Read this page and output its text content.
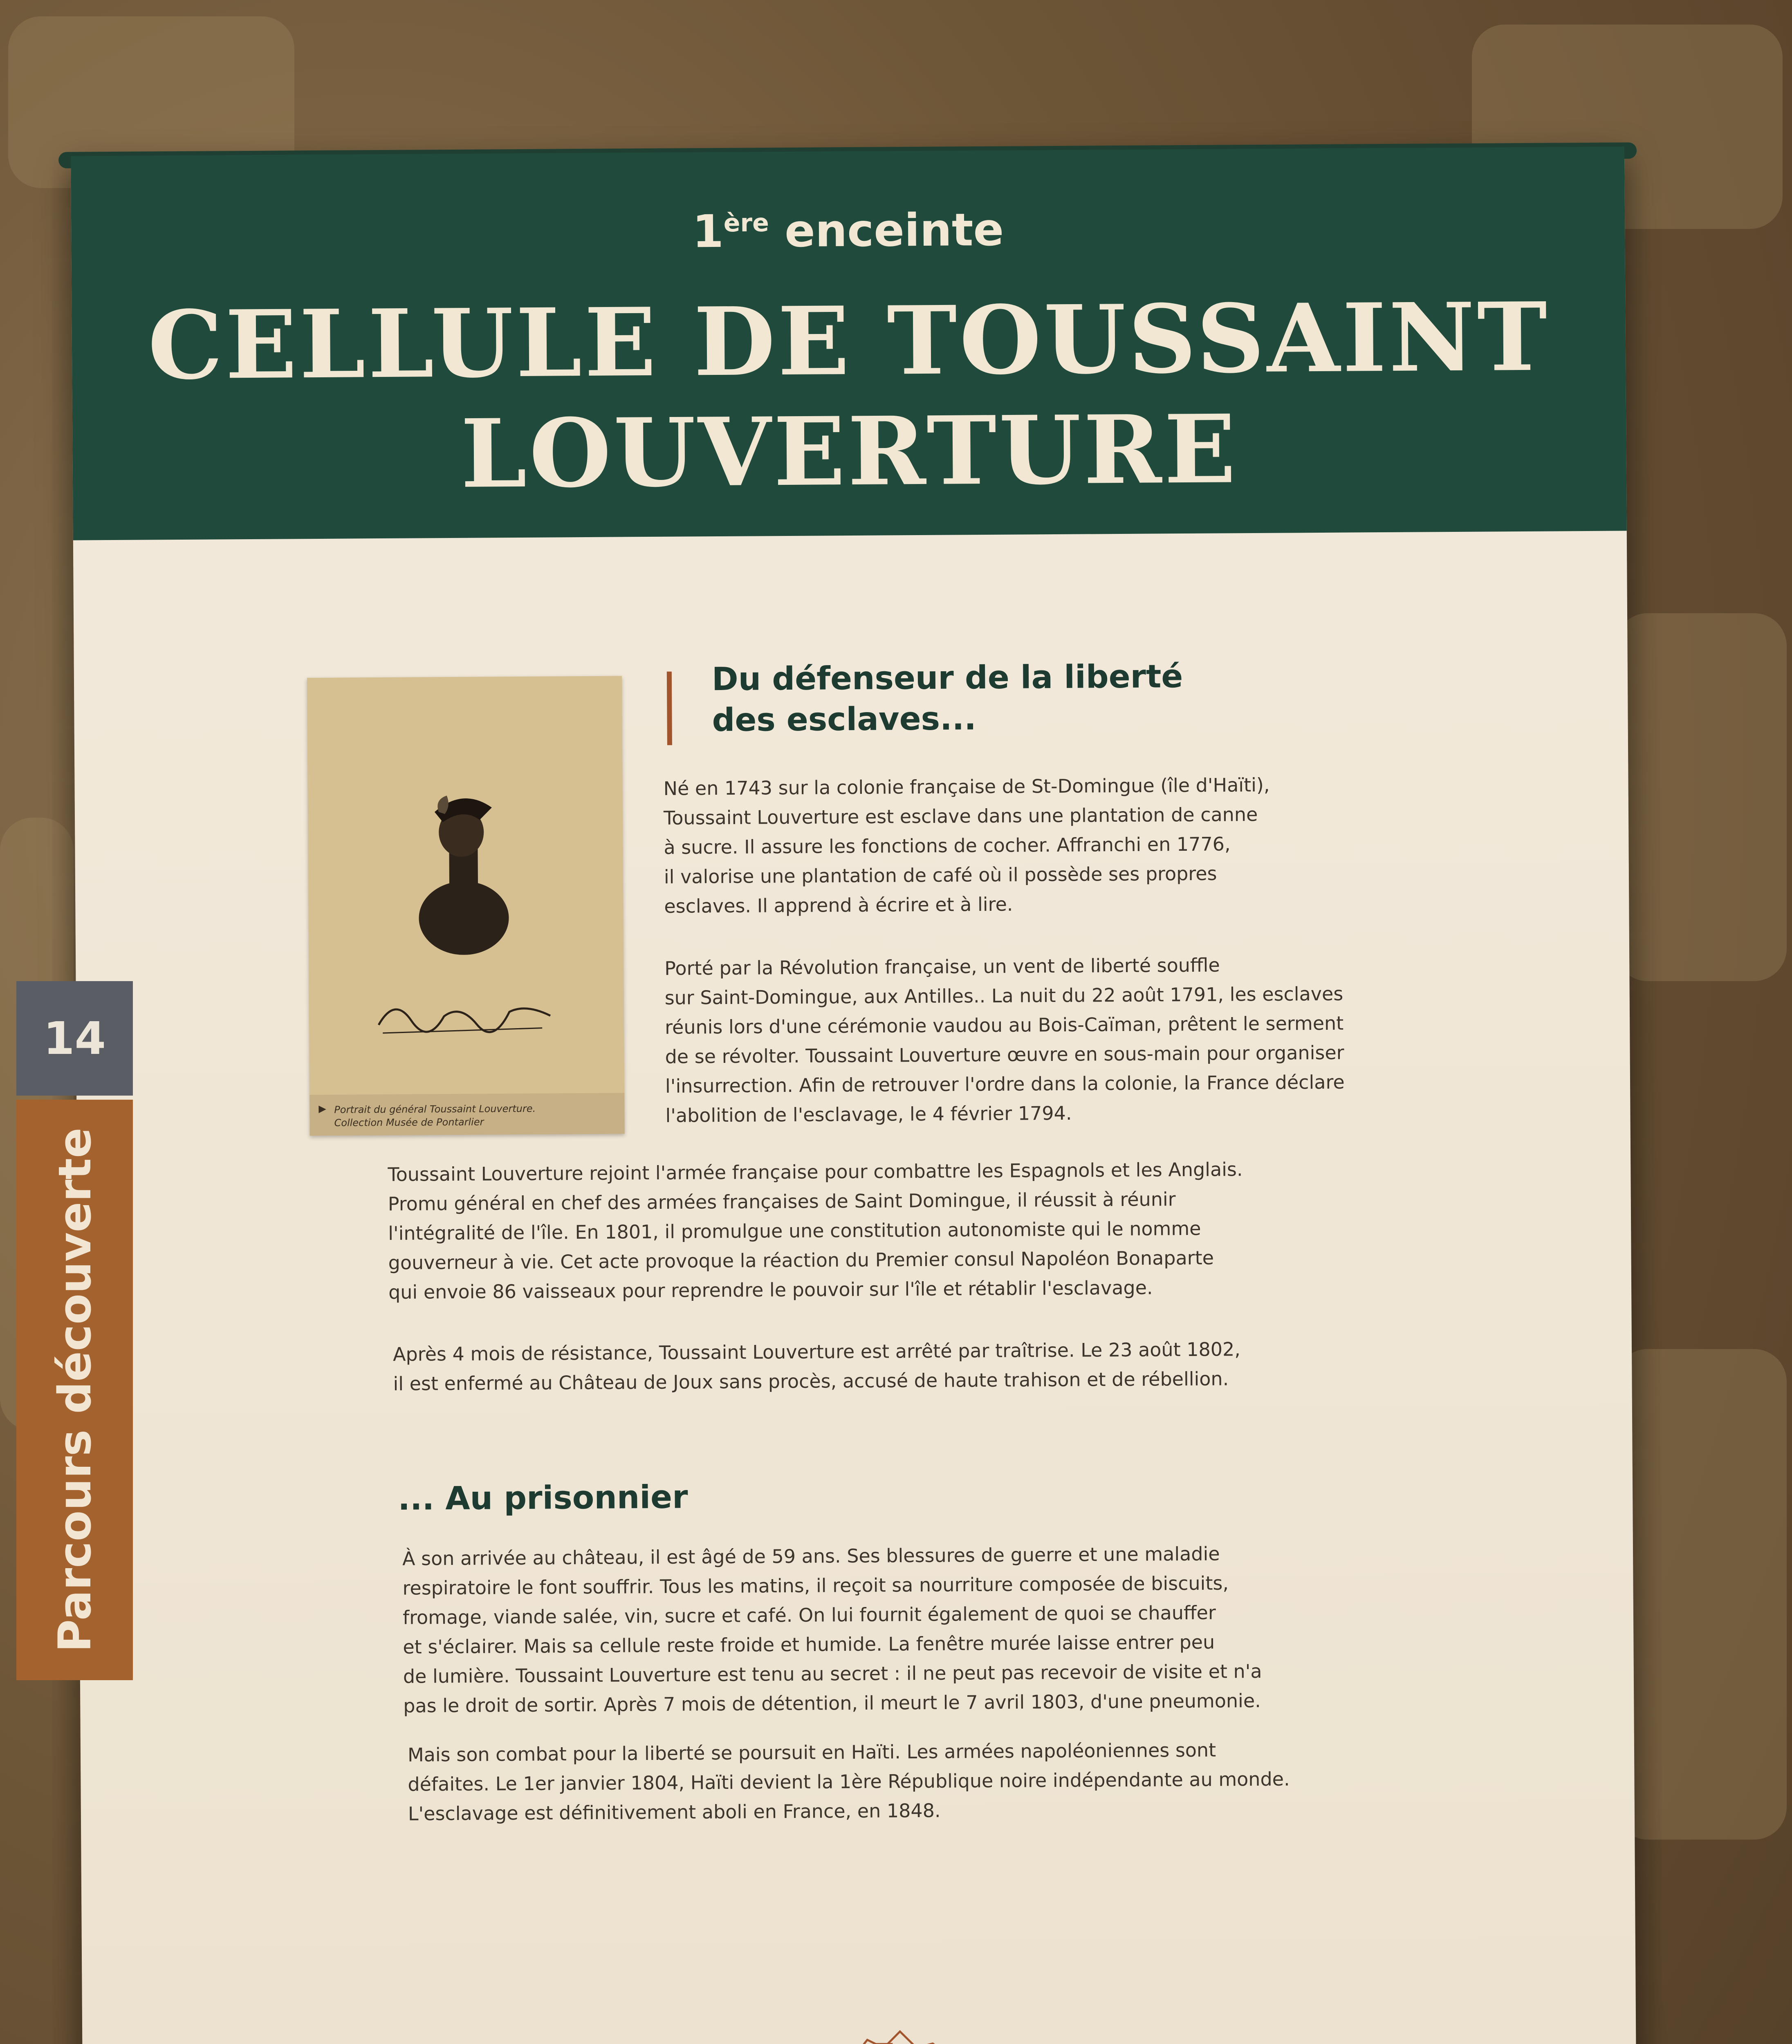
1ère enceinte
CELLULE DE TOUSSAINT
LOUVERTURE
▶ Portrait du général Toussaint Louverture.
Collection Musée de Pontarlier
Du défenseur de la liberté
des esclaves...
Né en 1743 sur la colonie française de St-Domingue (île d'Haïti),
Toussaint Louverture est esclave dans une plantation de canne
à sucre. Il assure les fonctions de cocher. Affranchi en 1776,
il valorise une plantation de café où il possède ses propres
esclaves. Il apprend à écrire et à lire.
Porté par la Révolution française, un vent de liberté souffle
sur Saint-Domingue, aux Antilles.. La nuit du 22 août 1791, les esclaves
réunis lors d'une cérémonie vaudou au Bois-Caïman, prêtent le serment
de se révolter. Toussaint Louverture œuvre en sous-main pour organiser
l'insurrection. Afin de retrouver l'ordre dans la colonie, la France déclare
l'abolition de l'esclavage, le 4 février 1794.
Toussaint Louverture rejoint l'armée française pour combattre les Espagnols et les Anglais.
Promu général en chef des armées françaises de Saint Domingue, il réussit à réunir
l'intégralité de l'île. En 1801, il promulgue une constitution autonomiste qui le nomme
gouverneur à vie. Cet acte provoque la réaction du Premier consul Napoléon Bonaparte
qui envoie 86 vaisseaux pour reprendre le pouvoir sur l'île et rétablir l'esclavage.
Après 4 mois de résistance, Toussaint Louverture est arrêté par traîtrise. Le 23 août 1802,
il est enfermé au Château de Joux sans procès, accusé de haute trahison et de rébellion.
... Au prisonnier
À son arrivée au château, il est âgé de 59 ans. Ses blessures de guerre et une maladie
respiratoire le font souffrir. Tous les matins, il reçoit sa nourriture composée de biscuits,
fromage, viande salée, vin, sucre et café. On lui fournit également de quoi se chauffer
et s'éclairer. Mais sa cellule reste froide et humide. La fenêtre murée laisse entrer peu
de lumière. Toussaint Louverture est tenu au secret : il ne peut pas recevoir de visite et n'a
pas le droit de sortir. Après 7 mois de détention, il meurt le 7 avril 1803, d'une pneumonie.
Mais son combat pour la liberté se poursuit en Haïti. Les armées napoléoniennes sont
défaites. Le 1er janvier 1804, Haïti devient la 1ère République noire indépendante au monde.
L'esclavage est définitivement aboli en France, en 1848.
14
Parcours découverte
